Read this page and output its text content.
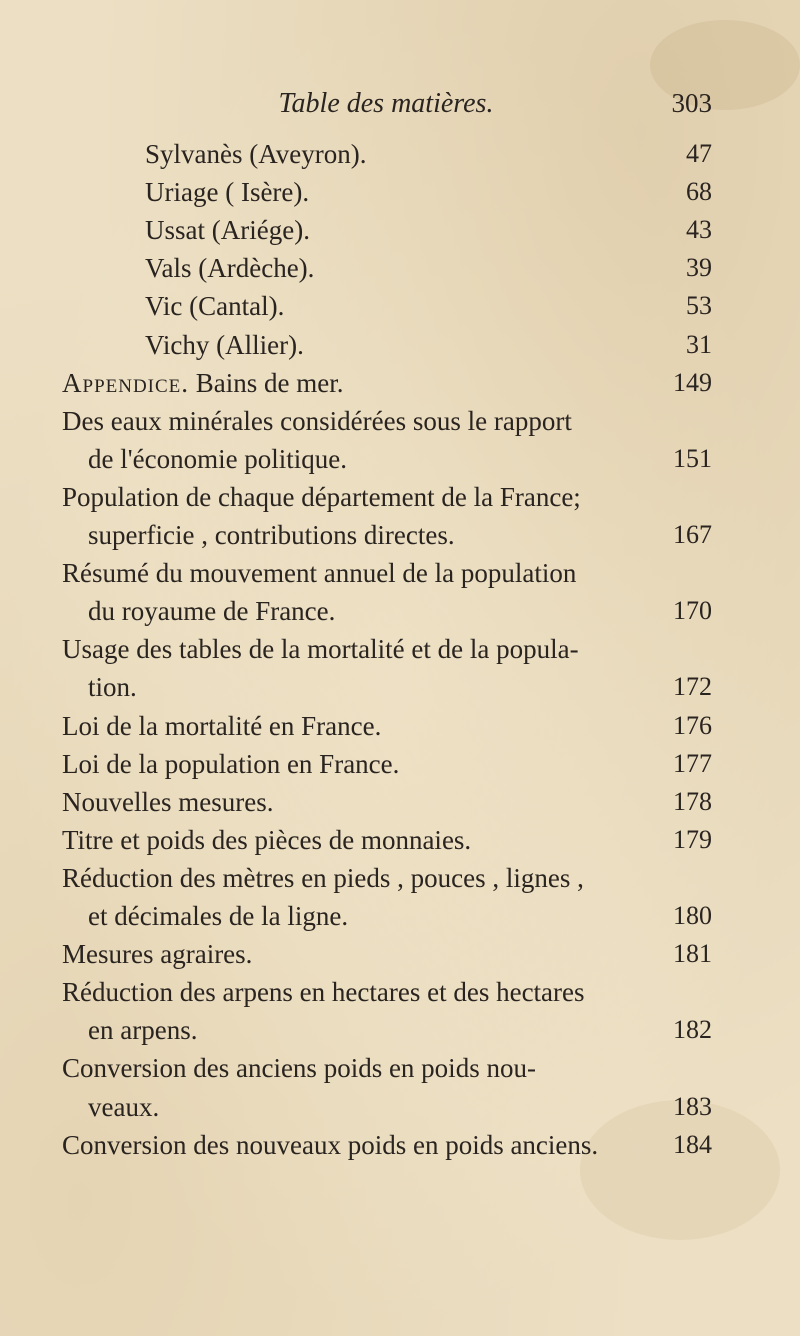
Table des matières.	303
Sylvanès (Aveyron).	47
Uriage ( Isère).	68
Ussat (Ariége).	43
Vals (Ardèche).	39
Vic (Cantal).	53
Vichy (Allier).	31
Appendice. Bains de mer.	149
Des eaux minérales considérées sous le rapport
de l'économie politique.	151
Population de chaque département de la France;
superficie , contributions directes.	167
Résumé du mouvement annuel de la population
du royaume de France.	170
Usage des tables de la mortalité et de la popula-
tion.	172
Loi de la mortalité en France.	176
Loi de la population en France.	177
Nouvelles mesures.	178
Titre et poids des pièces de monnaies.	179
Réduction des mètres en pieds , pouces , lignes ,
et décimales de la ligne.	180
Mesures agraires.	181
Réduction des arpens en hectares et des hectares
en arpens.	182
Conversion des anciens poids en poids nou-
veaux.	183
Conversion des nouveaux poids en poids anciens.	184
